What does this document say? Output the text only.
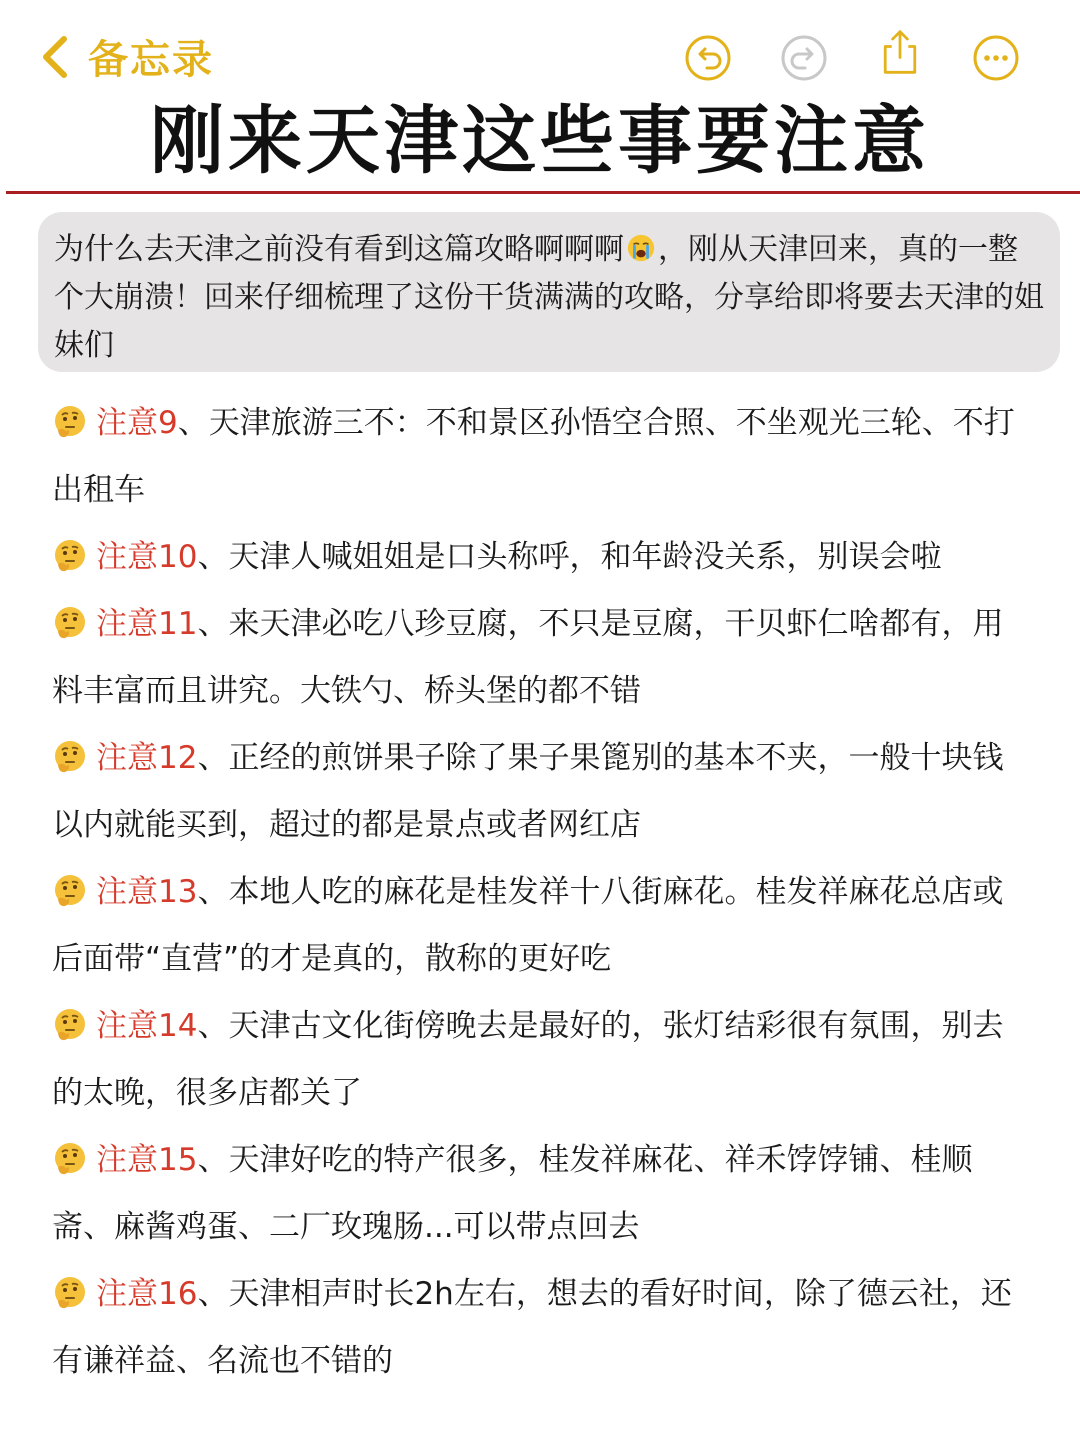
备忘录
刚来天津这些事要注意
为什么去天津之前没有看到这篇攻略啊啊啊 ，刚从天津回来，真的一整个大崩溃！回来仔细梳理了这份干货满满的攻略，分享给即将要去天津的姐妹们

注意9、天津旅游三不：不和景区孙悟空合照、不坐观光三轮、不打出租车

注意10、天津人喊姐姐是口头称呼，和年龄没关系，别误会啦

注意11、来天津必吃八珍豆腐，不只是豆腐，干贝虾仁啥都有，用料丰富而且讲究。大铁勺、桥头堡的都不错

注意12、正经的煎饼果子除了果子果篦别的基本不夹，一般十块钱以内就能买到，超过的都是景点或者网红店

注意13、本地人吃的麻花是桂发祥十八街麻花。桂发祥麻花总店或后面带“直营”的才是真的，散称的更好吃

注意14、天津古文化街傍晚去是最好的，张灯结彩很有氛围，别去的太晚，很多店都关了

注意15、天津好吃的特产很多，桂发祥麻花、祥禾饽饽铺、桂顺斋、麻酱鸡蛋、二厂玫瑰肠...可以带点回去

注意16、天津相声时长2h左右，想去的看好时间，除了德云社，还有谦祥益、名流也不错的
